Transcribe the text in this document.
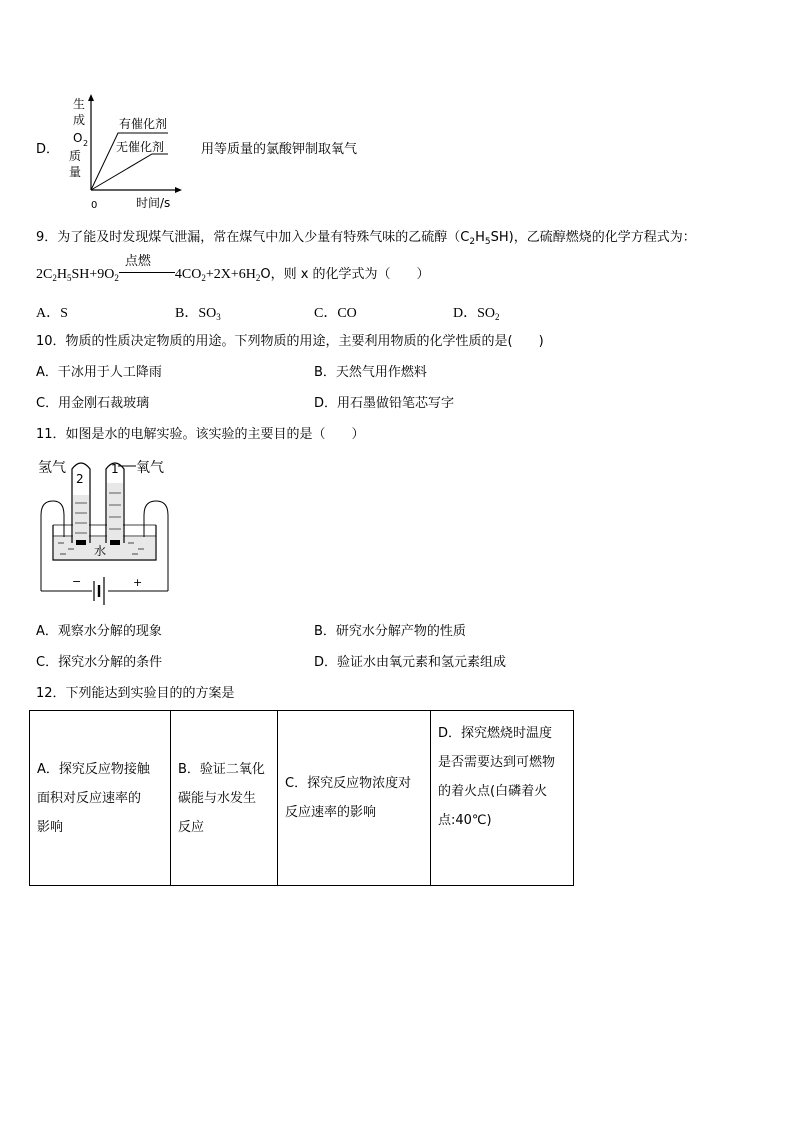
D．
生
成
O 2
质
量
有催化剂
无催化剂
0	时间/s
用等质量的氯酸钾制取氧气
9．为了能及时发现煤气泄漏，常在煤气中加入少量有特殊气味的乙硫醇$(C_2H_5SH)$，乙硫醇燃烧的化学方程式为：
$2C_2H_5SH+9O_2$
点燃
$4CO_2+2X+6H_2O$，则 x 的化学式为（　　）
A．S	B．$SO_3$	C．CO	D．$SO_2$
10．物质的性质决定物质的用途。下列物质的用途，主要利用物质的化学性质的是(　　)
A．干冰用于人工降雨	B．天然气用作燃料
C．用金刚石裁玻璃	D．用石墨做铅笔芯写字
11．如图是水的电解实验。该实验的主要目的是（　　）
氢气	氧气
水
2
1
−	+
A．观察水分解的现象	B．研究水分解产物的性质
C．探究水分解的条件	D．验证水由氧元素和氢元素组成
12．下列能达到实验目的的方案是
A．探究反应物接触
面积对反应速率的
影响

B．验证二氧化
碳能与水发生
反应

C．探究反应物浓度对
反应速率的影响

D．探究燃烧时温度
是否需要达到可燃物
的着火点(白磷着火
点:40℃)
